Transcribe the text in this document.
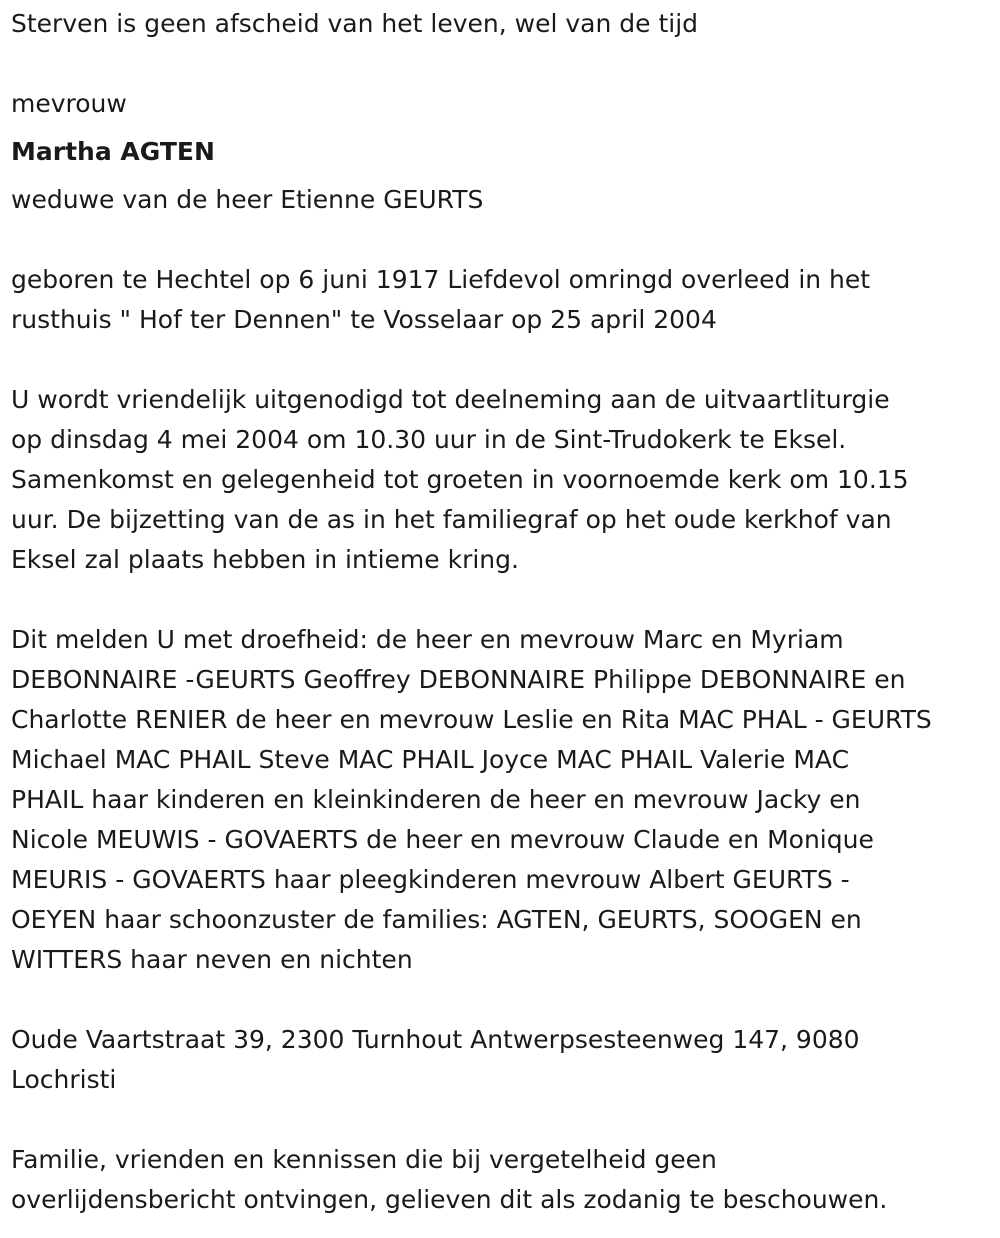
Sterven is geen afscheid van het leven, wel van de tijd

mevrouw

Martha AGTEN

weduwe van de heer Etienne GEURTS

geboren te Hechtel op 6 juni 1917 Liefdevol omringd overleed in het
rusthuis " Hof ter Dennen" te Vosselaar op 25 april 2004

U wordt vriendelijk uitgenodigd tot deelneming aan de uitvaartliturgie
op dinsdag 4 mei 2004 om 10.30 uur in de Sint-Trudokerk te Eksel.
Samenkomst en gelegenheid tot groeten in voornoemde kerk om 10.15
uur. De bijzetting van de as in het familiegraf op het oude kerkhof van
Eksel zal plaats hebben in intieme kring.

Dit melden U met droefheid: de heer en mevrouw Marc en Myriam
DEBONNAIRE -GEURTS Geoffrey DEBONNAIRE Philippe DEBONNAIRE en
Charlotte RENIER de heer en mevrouw Leslie en Rita MAC PHAL - GEURTS
Michael MAC PHAIL Steve MAC PHAIL Joyce MAC PHAIL Valerie MAC
PHAIL haar kinderen en kleinkinderen de heer en mevrouw Jacky en
Nicole MEUWIS - GOVAERTS de heer en mevrouw Claude en Monique
MEURIS - GOVAERTS haar pleegkinderen mevrouw Albert GEURTS -
OEYEN haar schoonzuster de families: AGTEN, GEURTS, SOOGEN en
WITTERS haar neven en nichten

Oude Vaartstraat 39, 2300 Turnhout Antwerpsesteenweg 147, 9080
Lochristi

Familie, vrienden en kennissen die bij vergetelheid geen
overlijdensbericht ontvingen, gelieven dit als zodanig te beschouwen.
